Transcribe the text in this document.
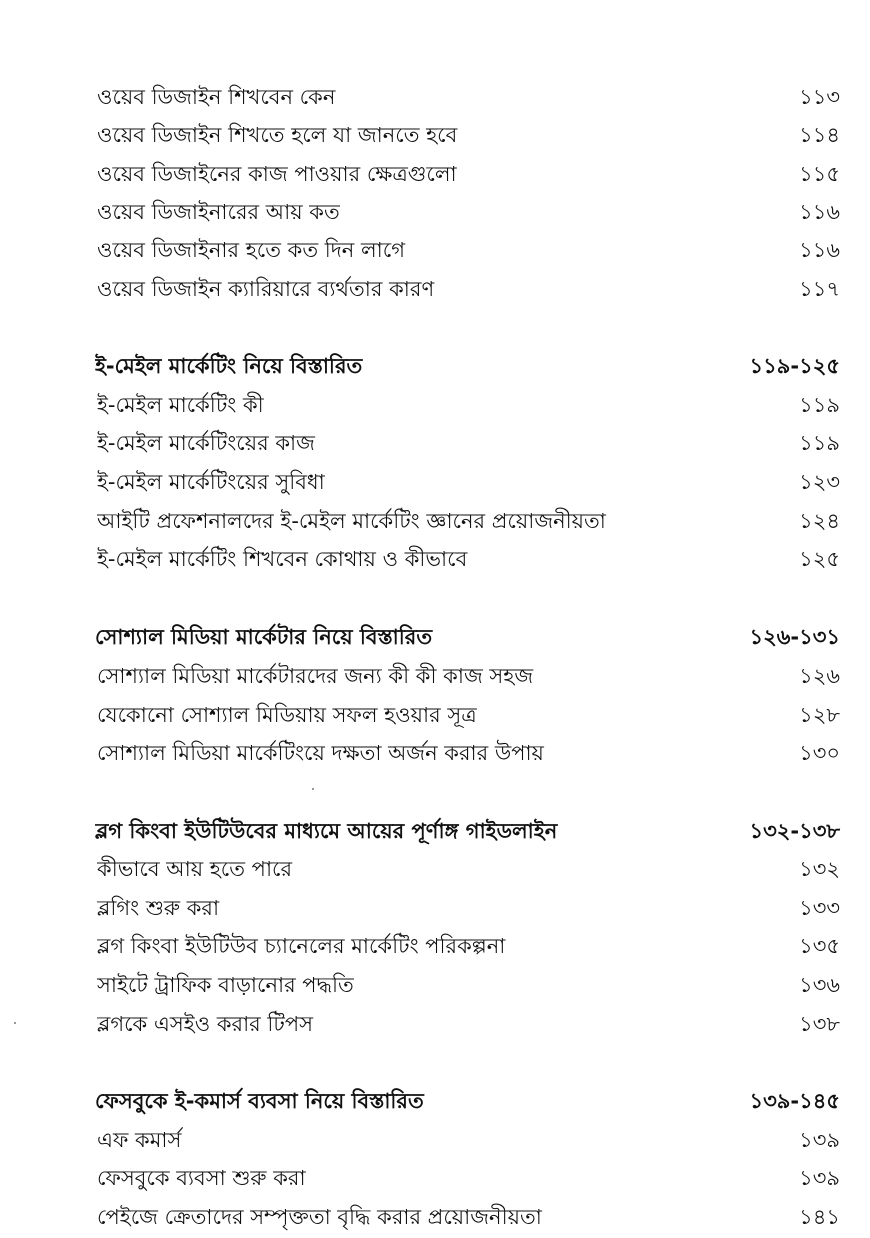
ওয়েব ডিজাইন শিখবেন কেন	১১৩
ওয়েব ডিজাইন শিখতে হলে যা জানতে হবে	১১৪
ওয়েব ডিজাইনের কাজ পাওয়ার ক্ষেত্রগুলো	১১৫
ওয়েব ডিজাইনারের আয় কত	১১৬
ওয়েব ডিজাইনার হতে কত দিন লাগে	১১৬
ওয়েব ডিজাইন ক্যারিয়ারে ব্যর্থতার কারণ	১১৭
ই-মেইল মার্কেটিং নিয়ে বিস্তারিত	১১৯-১২৫
ই-মেইল মার্কেটিং কী	১১৯
ই-মেইল মার্কেটিংয়ের কাজ	১১৯
ই-মেইল মার্কেটিংয়ের সুবিধা	১২৩
আইটি প্রফেশনালদের ই-মেইল মার্কেটিং জ্ঞানের প্রয়োজনীয়তা	১২৪
ই-মেইল মার্কেটিং শিখবেন কোথায় ও কীভাবে	১২৫
সোশ্যাল মিডিয়া মার্কেটার নিয়ে বিস্তারিত	১২৬-১৩১
সোশ্যাল মিডিয়া মার্কেটারদের জন্য কী কী কাজ সহজ	১২৬
যেকোনো সোশ্যাল মিডিয়ায় সফল হওয়ার সূত্র	১২৮
সোশ্যাল মিডিয়া মার্কেটিংয়ে দক্ষতা অর্জন করার উপায়	১৩০
ব্লগ কিংবা ইউটিউবের মাধ্যমে আয়ের পূর্ণাঙ্গ গাইডলাইন	১৩২-১৩৮
কীভাবে আয় হতে পারে	১৩২
ব্লগিং শুরু করা	১৩৩
ব্লগ কিংবা ইউটিউব চ্যানেলের মার্কেটিং পরিকল্পনা	১৩৫
সাইটে ট্রাফিক বাড়ানোর পদ্ধতি	১৩৬
ব্লগকে এসইও করার টিপস	১৩৮
ফেসবুকে ই-কমার্স ব্যবসা নিয়ে বিস্তারিত	১৩৯-১৪৫
এফ কমার্স	১৩৯
ফেসবুকে ব্যবসা শুরু করা	১৩৯
পেইজে ক্রেতাদের সম্পৃক্ততা বৃদ্ধি করার প্রয়োজনীয়তা	১৪১
